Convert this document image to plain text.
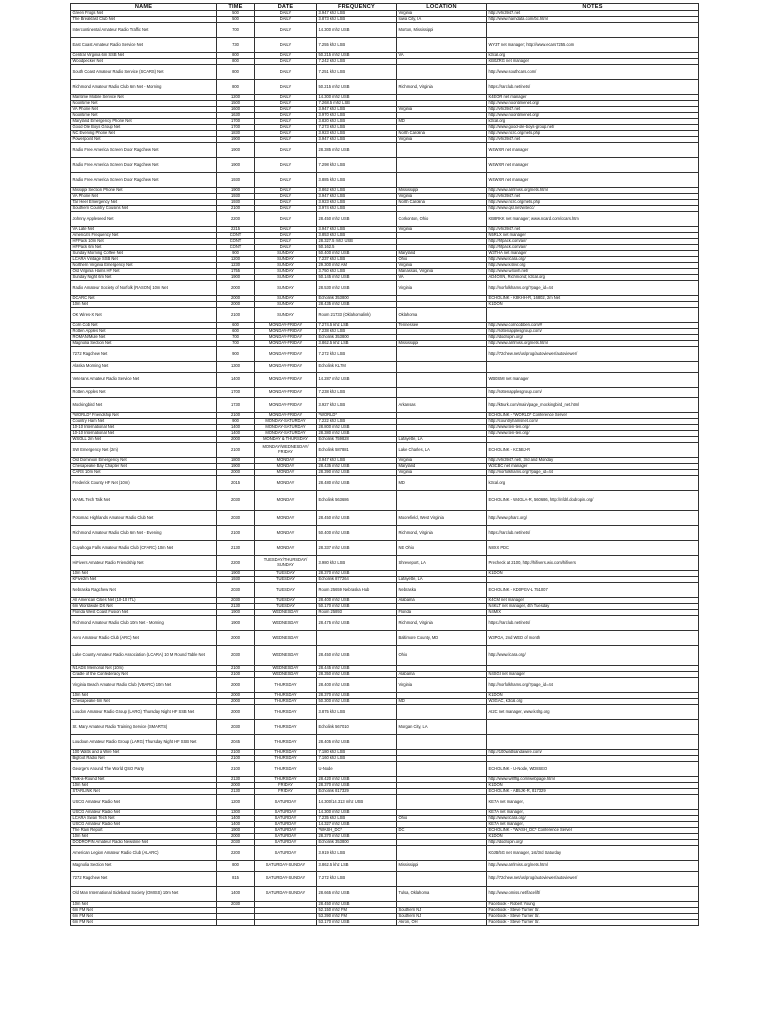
NAME	TIME	DATE	FREQUENCY	LOCATION	NOTES
Green Frogs Net	500	DAILY	3.947 khz LSB	Virginia	http://vfn3947.net
The Breakfast Club Net	500	DAILY	3.873 khz LSB	Iowa City, IA	http://www.hamdata.com/bc.html
Intercontinental Amateur Radio Traffic Net	700	DAILY	14.300 mhz USB	Morton, Mississippi	
East Coast Amateur Radio Service Net	730	DAILY	7.255 khz LSB		WY3T net manager; http://www.ecars7255.com
Central Virginia 6m SSB Net	800	DAILY	50.215 mhz USB	VA	k3cal.org
Woodpecker Net	800	DAILY	7.242 khz LSB		KB0ZRG net manager
South Coast Amateur Radio Service (SCARS) Net	800	DAILY	7.251 khz LSB		http://www.southcars.com/
Richmond Amateur Radio Club 6m Net - Morning	800	DAILY	50.215 mhz USB	Richmond, Virginia	https://rarclub.net/nets/
Maritime Mobile Service Net	1200	DAILY	14.300 mhz USB		K4EOR net manager
Noontime Net	1500	DAILY	7.268.5 mhz LSB		http://www.noontimenet.org/
VA Phone Net	1600	DAILY	3.947 khz LSB	Virginia	http://vfn3947.net
Noontime Net	1630	DAILY	3.970 khz LSB		http://www.noontimenet.org/
Maryland Emergency Phone Net	1700	DAILY	3.820 khz LSB	MD	k3cal.org
Good Ole Boys Group Net	1700	DAILY	7.273 khz LSB		http://www.good-ole-boys-group.net/
NC Evening Phone Net	1830	DAILY	3.923 khz LSB	North Carolina	http://www.ncrc.org/nets.php
Powerpoint Net	1900	DAILY	3.947 khz LSB	Virginia	http://vfn3947.net
Radio Free America Screen Door Ragchew Net	1900	DAILY	28.385 mhz USB		W4WXR net manager
Radio Free America Screen Door Ragchew Net	1900	DAILY	7.298 khz LSB		W4WXR net manager
Radio Free America Screen Door Ragchew Net	1930	DAILY	3.885 khz LSB		W4WXR net manager
Missippi Section Phone Net	1900	DAILY	3.862 khz LSB	Mississippi	http://www.arrlmiss.org/nets.html
VA Phone Net	1930	DAILY	3.947 khz LSB	Virginia	http://vfn3947.net
Tar Heel Emergency Net	1930	DAILY	3.923 khz LSB	North Carolina	http://www.ncrc.org/nets.php
Southern Country Cousins Net	2100	DAILY	3.974 khz LSB		http://www.qsl.net/w4ecc/
Johnny Appleseed Net	2200	DAILY	28.450 mhz USB	Corkonton, Ohio	KB8RKK net manager; www.ncard.com/ccars.htm
VA Late Net	2215	DAILY	3.947 khz LSB	Virginia	http://vfn3947.net
America's Frequency Net	CONT	DAILY	3.853 khz LSB		N5RLX net manager
HFPack 10m Net	CONT	DAILY	28.327.5 mhz USB		http://hfpack.com/air/
HFPack 6m Net	CONT	DAILY	50.162.5		http://hfpack.com/air/
Sunday Morning Coffee Net	900	SUNDAY	50.400 mhz USB	Maryland	W3THA net manager
LCARA Vintage SSB Net	1200	SUNDAY	7.237 khz LSB	Ohio	http://www.lcara.org/
Northern Virginia Emergency Net	1230	SUNDAY	29.300 mhz AM	Virginia	http://www.k4nvr.org
Old Virginia Hams HF Net	1755	SUNDAY	3.750 khz LSB	Manassas, Virginia	http://www.w4ovh.net/
Sunday Night 6m Net	1900	SUNDAY	50.145 mhz USB	VA	AD4OXN, Richmond; k3cal.org
Radio Amateur Society of Norfolk (RASON) 10m Net	2000	SUNDAY	28.530 mhz USB	Virginia	http://norfolkhams.org/?page_id=44
DCARC Net	2000	SUNDAY	Echolink 353800		ECHOLINK - K8KHH-R, 16802, 2m Net
10m Net	2000	SUNDAY	28.435 mhz USB		K1DON
OK Wires-X Net	2100	SUNDAY	Room 21733 (Oklahomalink)	Oklahoma	
Corn Cob Net	600	MONDAY-FRIDAY	7.274.5 khz LSB	Tennessee	http://www.corncobben.com/#
Rotten Apples Net	600	MONDAY-FRIDAY	7.238 khz LSB		http://rottenapplesgroup.com/
ROMAN/Mule Net	700	MONDAY-FRIDAY	Echolink 353800		http://dodropin.org/
Magnolia Section Net	700	MONDAY-FRIDAY	3.862.5 khz LSB	Mississippi	http://www.arrlmiss.org/nets.html
7272 Ragchew Net	900	MONDAY-FRIDAY	7.272 khz LSB		http://72chew.net/us/prog/autoviewer/autoviewer/
Alaska Morning Net	1300	MONDAY-FRIDAY	Echolink KL7M		
Veterans Amateur Radio Service Net	1400	MONDAY-FRIDAY	14.287 mhz USB		WB0SMI net manager
Rotten Apples Net	1700	MONDAY-FRIDAY	7.238 khz LSB		http://rottenapplesgroup.com/
Mockingbird Net	1730	MONDAY-FRIDAY	3.927 khz LSB	Arkansas	http://k5urk.com/main/page_mockingbird_net.html
*WORLD* Friendship Net	2100	MONDAY-FRIDAY	*WORLD*		ECHOLINK - *WORLD* Conference Server
Country Ham Net	900	MONDAY-SATURDAY	7.222 khz LSB		http://countryhamsnet.com/
10-10 International Net	1400	MONDAY-SATURDAY	28.800 mhz USB		http://www.ten-ten.org/
10-10 International Net	1400	MONDAY-SATURDAY	28.380 mhz USB		http://www.ten-ten.org/
WSOLL 2m Net	2000	MONDAY & THURSDAY	Echolink 759828	Lafayette, LA	
SW Emergency Net (2m)	2100	MONDAY/WEDNESDAY/ FRIDAY	Echolink 587881	Lake Charles, LA	ECHOLINK - KC5BJ-R
Old Dominion Emergency Net	1800	MONDAY	3.947 khz LSB	Virginia	http://vfn3947.net/, 3rd and Monday
Chesapeake Bay Chapter Net	1900	MONDAY	28.435 mhz USB	Maryland	W3CBC net manager
CARS 10m Net	2000	MONDAY	28.390 mhz USB	Virginia	http://norfolkhams.org/?page_id=44
Frederick County HF Net (10m)	2015	MONDAY	28.480 mhz USB	MD	k3cal.org
WAML Tech Talk Net	2030	MONDAY	Echolink 563686		ECHOLINK - W4GLA-R, 560686, http://nfdrl.dodropin.org/
Potomac Highlands Amateur Radio Club Net	2030	MONDAY	28.450 mhz USB	Moorefield, West Virginia	http://www.pharc.org/
Richmond Amateur Radio Club 6m Net - Evening	2100	MONDAY	50.400 mhz USB	Richmond, Virginia	https://rarclub.net/nets/
Cuyahoga Falls Amateur Radio Club (CFARC) 10m Net	2130	MONDAY	28.337 mhz USB	NE Ohio	N8XX PDC
HiFivers Amateur Radio Friendship Net	2200	TUESDAY/THURSDAY/ SUNDAY	3.980 khz LSB	Shreveport, LA	Precheck at 2100, http://hifivers.wix.com/hifivers
10m Net	1900	TUESDAY	28.370 mhz USB		K1DON
KFive2m Net	1930	TUESDAY	Echolink 877264	Lafayette, LA	
Nebraska Ragchew Net	2030	TUESDAY	Room 25659 Nebraska Hub	Nebraska	ECHOLINK - KD0PGV-L 751007
All American Cities Net (10-10 ITL)	2030	TUESDAY	28.400 mhz USB	Alabama	K4CM net manager
6m Worldwide DX Net	2130	TUESDAY	50.170 mhz USB		N4KLT net manager, 4th Tuesday
Florida West Coast Fusion Net	1900	WEDNESDAY	Room 25893	Florida	N4MIX
Richmond Amateur Radio Club 10m Net - Morning	1900	WEDNESDAY	28.475 mhz USB	Richmond, Virginia	https://rarclub.net/nets/
Aero Amateur Radio Club (ARC) Net	2000	WEDNESDAY		Baltimore County, MD	W3PGA, 2nd WED of month
Lake County Amateur Radio Association (LCARA) 10 M Round Table Net	2030	WEDNESDAY	28.450 mhz USB	Ohio	http://www.lcara.org/
N1ADS Memorial Net (10m)	2100	WEDNESDAY	28.445 mhz USB		
Cradle of the Confederacy Net	2100	WEDNESDAY	28.350 mhz USB	Alabama	N4SGI net manager
Virginia Beach Amateur Radio Club (VBARC) 10m Net	2000	THURSDAY	28.400 mhz USB	Virginia	http://norfolkhams.org/?page_id=44
10m Net	2000	THURSDAY	28.370 mhz USB		K1DON
Chesapeake 6m Net	2000	THURSDAY	50.300 mhz USB	MD	W3GAC, k3cal.org
Loudon Amateur Radio Group (LARG) Thursday Night HF SSB Net	2000	THURSDAY	3.875 khz LSB		AI2C net manager, www.k4lrg.org
St. Mary Amateur Radio Training Service (SMARTS)	2030	THURSDAY	Echolink 567010	Morgan City, LA	
Loudoun Amateur Radio Group (LARG) Thursday Night HF SSB Net	2045	THURSDAY	28.405 mhz USB		
100 Watts and a Wire Net	2100	THURSDAY	7.180 khz LSB		http://100wattsandawire.com/
Bigfoot Radio Net	2100	THURSDAY	7.160 khz LSB		
George's Around The World QSO Party	2100	THURSDAY	U-Node		ECHOLINK - U-Node, WD8SEO
Talk-a-Round Net	2130	THURSDAY	28.420 mhz USB		http://www.w8fflg.com/webpage.html
10m Net	2000	FRIDAY	28.370 mhz USB		K1DON
STARLINK Net	2130	FRIDAY	Echolink 817329		ECHOLINK - AB5JK-R, 817329
USCG Amateur Radio Net	1200	SATURDAY	14.300/14.313 mhz USB		KE7A net manager,
USCG Amateur Radio Net	1300	SATURDAY	14.300 mhz USB		KE7A net manager,
LCARA Swan Tech Net	1400	SATURDAY	7.235 khz LSB	Ohio	http://www.lcara.org/
USCG Amateur Radio Net	1400	SATURDAY	14.327 mhz USB		KE7A net manager,
The Rain Report	1900	SATURDAY	*WASH_DC*	DC	ECHOLINK - *WASH_DC* Conference Server
10m Net	2000	SATURDAY	28.370 mhz USB		K1DON
DODROPIN Amateur Radio Newsline Net	2030	SATURDAY	Echolink 353800		http://dodropin.org/
American Legion Amateur Radio Club (ALARC)	2200	SATURDAY	3.919 khz LSB		K0JB/5G net manager, 1st/3rd Saturday
Magnolia Section Net	800	SATURDAY-SUNDAY	3.862.5 khz LSB	Mississippi	http://www.arrlmiss.org/nets.html
7272 Ragchew Net	815	SATURDAY-SUNDAY	7.272 khz LSB		http://72chew.net/us/prog/autoviewer/autoviewer/
Old Man International Sideband Society (OMISS) 10m Net	1400	SATURDAY-SUNDAY	28.665 mhz USB	Tulsa, Oklahoma	http://www.omiss.net/facelift/
10m Net	2030		28.450 mhz USB		Facebook - Robert Young
6m FM Net			52.150 mhz FM	Southern NJ	Facebook - Steve Turner Sr.
6m FM Net			53.390 mhz FM	Southern NJ	Facebook - Steve Turner Sr.
6m FM Net			53.170 mhz USB	Akron, OH	Facebook - Steve Turner Sr.
